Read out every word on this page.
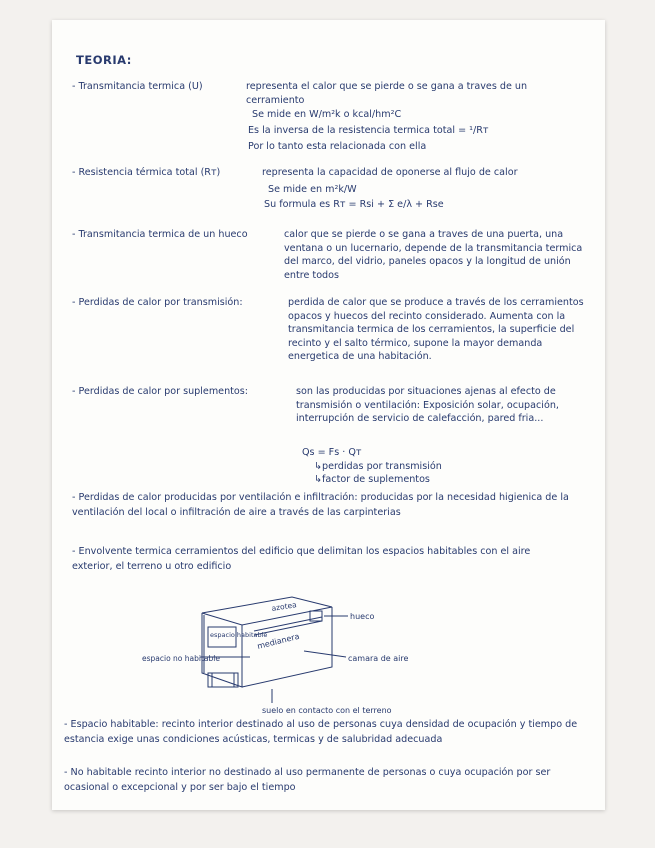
TEORIA:
- Transmitancia termica (U)	representa el calor que se pierde o se gana a traves de un cerramiento
Se mide en W/m²k o kcal/hm²C
Es la inversa de la resistencia termica total = ¹/Rᴛ
Por lo tanto esta relacionada con ella
- Resistencia térmica total (Rᴛ)	representa la capacidad de oponerse al flujo de calor
Se mide en m²k/W
Su formula es Rᴛ = Rsi + Σ e/λ + Rse
- Transmitancia termica de un hueco	calor que se pierde o se gana a traves de una puerta, una ventana o un lucernario, depende de la transmitancia termica del marco, del vidrio, paneles opacos y la longitud de unión entre todos
- Perdidas de calor por transmisión:	perdida de calor que se produce a través de los cerramientos opacos y huecos del recinto considerado. Aumenta con la transmitancia termica de los cerramientos, la superficie del recinto y el salto térmico, supone la mayor demanda energetica de una habitación.
- Perdidas de calor por suplementos:	son las producidas por situaciones ajenas al efecto de transmisión o ventilación: Exposición solar, ocupación, interrupción de servicio de calefacción, pared fria...
Qs = Fs · Qᴛ
↳perdidas por transmisión
↳factor de suplementos
- Perdidas de calor producidas por ventilación e infiltración: producidas por la necesidad higienica de la ventilación del local o infiltración de aire a través de las carpinterias
- Envolvente termica cerramientos del edificio que delimitan los espacios habitables con el aire exterior, el terreno u otro edificio
azotea
hueco
espacio habitable
medianera
espacio no habitable	camara de aire
suelo en contacto con el terreno
- Espacio habitable: recinto interior destinado al uso de personas cuya densidad de ocupación y tiempo de estancia exige unas condiciones acústicas, termicas y de salubridad adecuada
- No habitable recinto interior no destinado al uso permanente de personas o cuya ocupación por ser ocasional o excepcional y por ser bajo el tiempo
